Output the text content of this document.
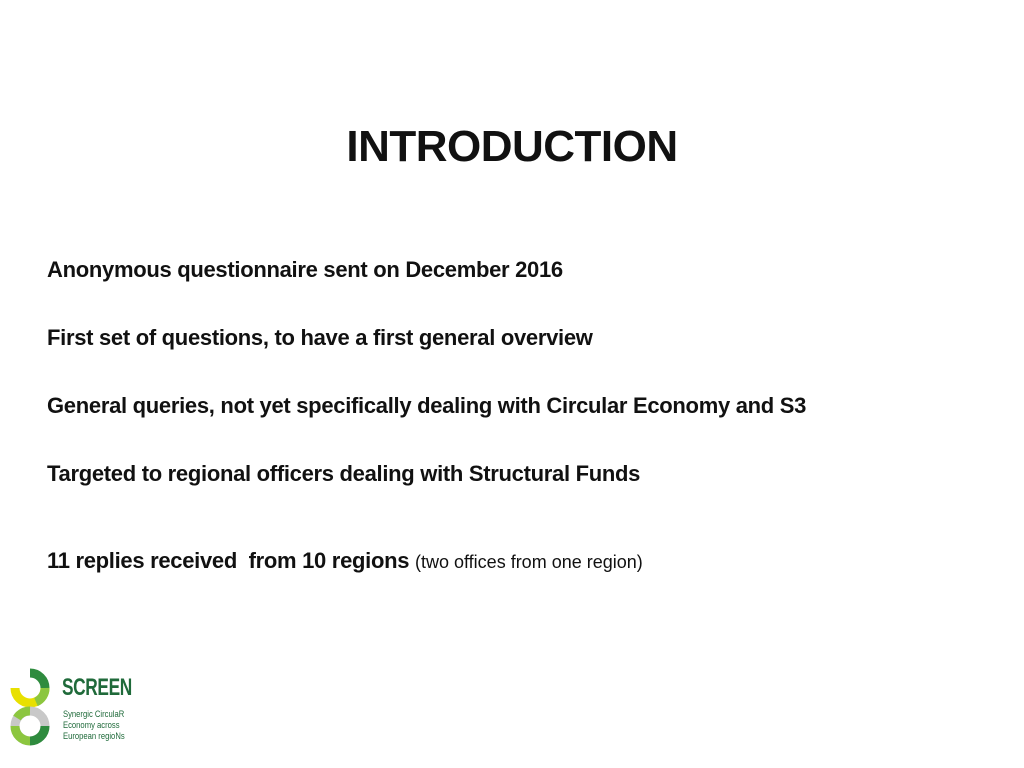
INTRODUCTION
Anonymous questionnaire sent on December 2016
First set of questions, to have a first general overview
General queries, not yet specifically dealing with Circular Economy and S3
Targeted to regional officers dealing with Structural Funds
11 replies received  from 10 regions (two offices from one region)
SCREEN
Synergic CirculaR
Economy across
European regioNs
